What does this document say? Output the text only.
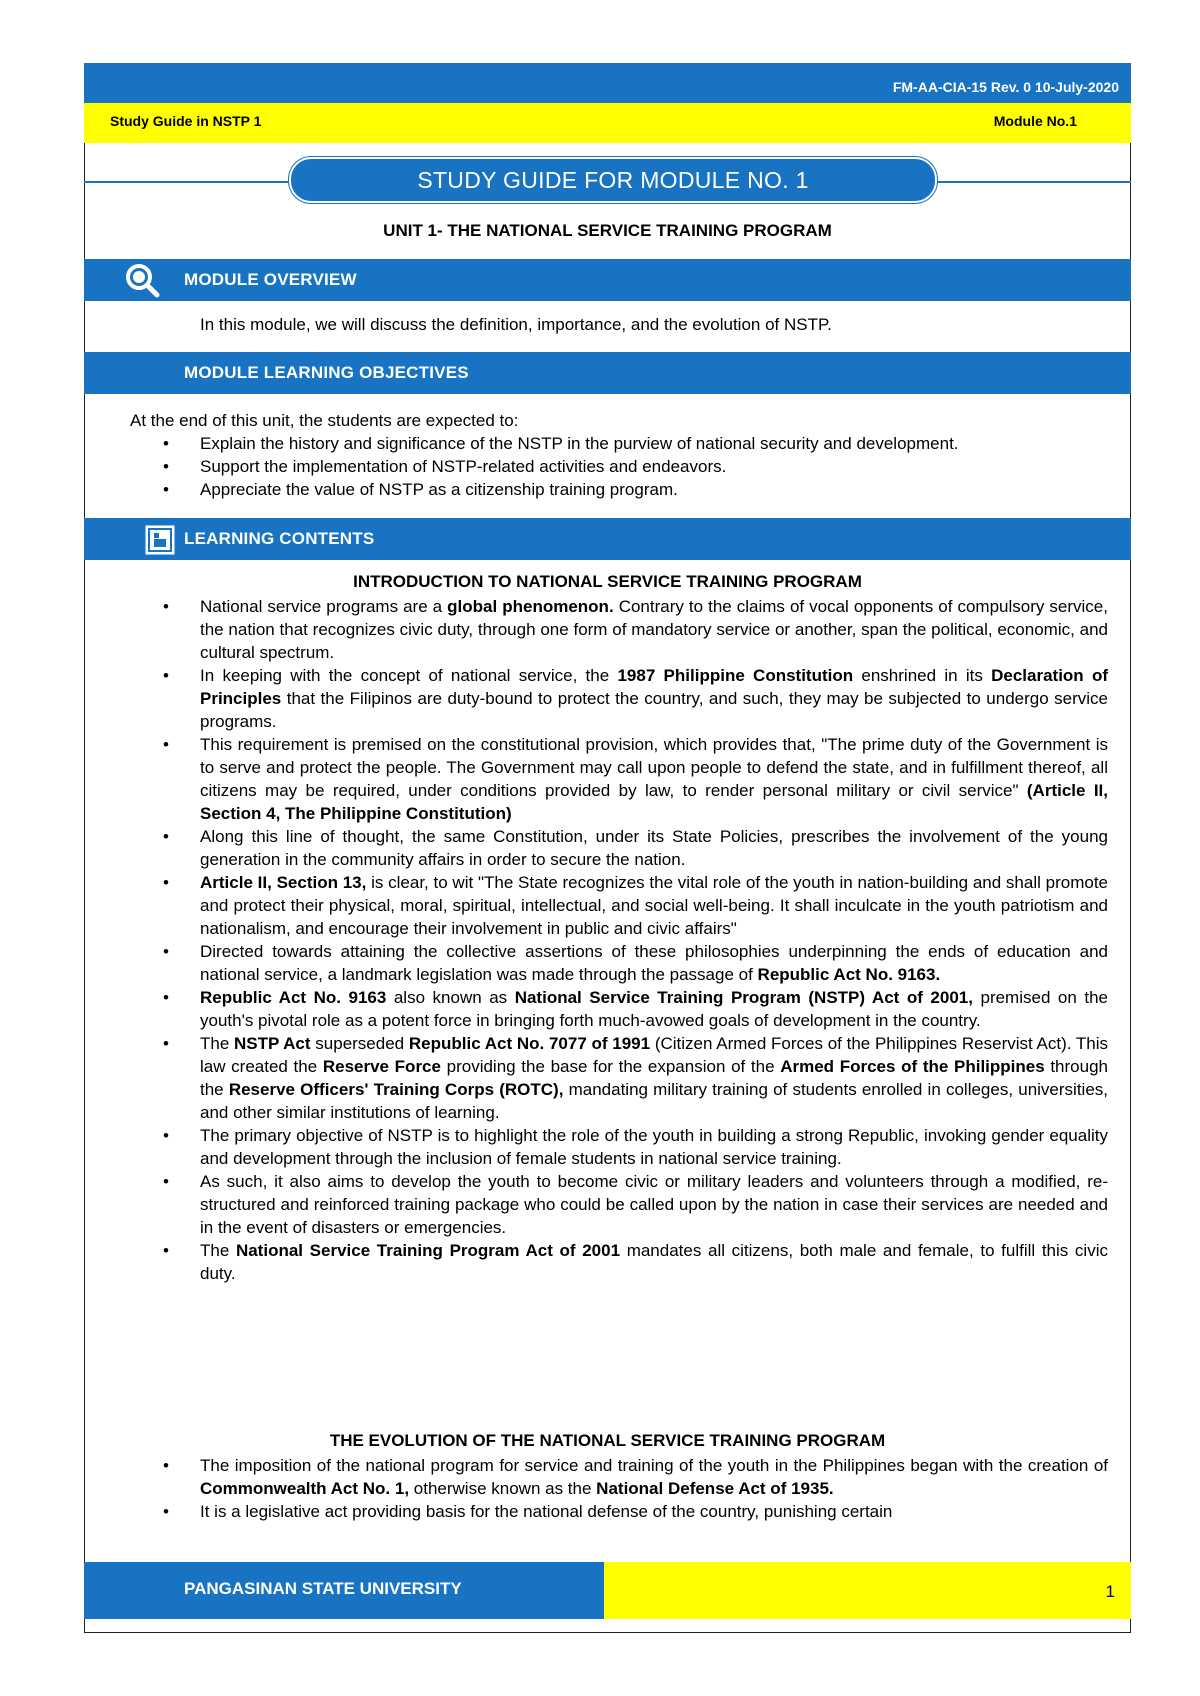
FM-AA-CIA-15 Rev. 0 10-July-2020
Study Guide in NSTP 1	Module No.1
STUDY GUIDE FOR MODULE NO. 1
UNIT 1- THE NATIONAL SERVICE TRAINING PROGRAM
MODULE OVERVIEW
In this module, we will discuss the definition, importance, and the evolution of NSTP.
MODULE LEARNING OBJECTIVES
At the end of this unit, the students are expected to:
• Explain the history and significance of the NSTP in the purview of national security and development.
• Support the implementation of NSTP-related activities and endeavors.
• Appreciate the value of NSTP as a citizenship training program.
LEARNING CONTENTS
INTRODUCTION TO NATIONAL SERVICE TRAINING PROGRAM
• National service programs are a global phenomenon. Contrary to the claims of vocal opponents of compulsory service, the nation that recognizes civic duty, through one form of mandatory service or another, span the political, economic, and cultural spectrum.
• In keeping with the concept of national service, the 1987 Philippine Constitution enshrined in its Declaration of Principles that the Filipinos are duty-bound to protect the country, and such, they may be subjected to undergo service programs.
• This requirement is premised on the constitutional provision, which provides that, "The prime duty of the Government is to serve and protect the people. The Government may call upon people to defend the state, and in fulfillment thereof, all citizens may be required, under conditions provided by law, to render personal military or civil service" (Article II, Section 4, The Philippine Constitution)
• Along this line of thought, the same Constitution, under its State Policies, prescribes the involvement of the young generation in the community affairs in order to secure the nation.
• Article II, Section 13, is clear, to wit "The State recognizes the vital role of the youth in nation-building and shall promote and protect their physical, moral, spiritual, intellectual, and social well-being. It shall inculcate in the youth patriotism and nationalism, and encourage their involvement in public and civic affairs"
• Directed towards attaining the collective assertions of these philosophies underpinning the ends of education and national service, a landmark legislation was made through the passage of Republic Act No. 9163.
• Republic Act No. 9163 also known as National Service Training Program (NSTP) Act of 2001, premised on the youth's pivotal role as a potent force in bringing forth much-avowed goals of development in the country.
• The NSTP Act superseded Republic Act No. 7077 of 1991 (Citizen Armed Forces of the Philippines Reservist Act). This law created the Reserve Force providing the base for the expansion of the Armed Forces of the Philippines through the Reserve Officers' Training Corps (ROTC), mandating military training of students enrolled in colleges, universities, and other similar institutions of learning.
• The primary objective of NSTP is to highlight the role of the youth in building a strong Republic, invoking gender equality and development through the inclusion of female students in national service training.
• As such, it also aims to develop the youth to become civic or military leaders and volunteers through a modified, re-structured and reinforced training package who could be called upon by the nation in case their services are needed and in the event of disasters or emergencies.
• The National Service Training Program Act of 2001 mandates all citizens, both male and female, to fulfill this civic duty.
THE EVOLUTION OF THE NATIONAL SERVICE TRAINING PROGRAM
• The imposition of the national program for service and training of the youth in the Philippines began with the creation of Commonwealth Act No. 1, otherwise known as the National Defense Act of 1935.
• It is a legislative act providing basis for the national defense of the country, punishing certain
PANGASINAN STATE UNIVERSITY	1
